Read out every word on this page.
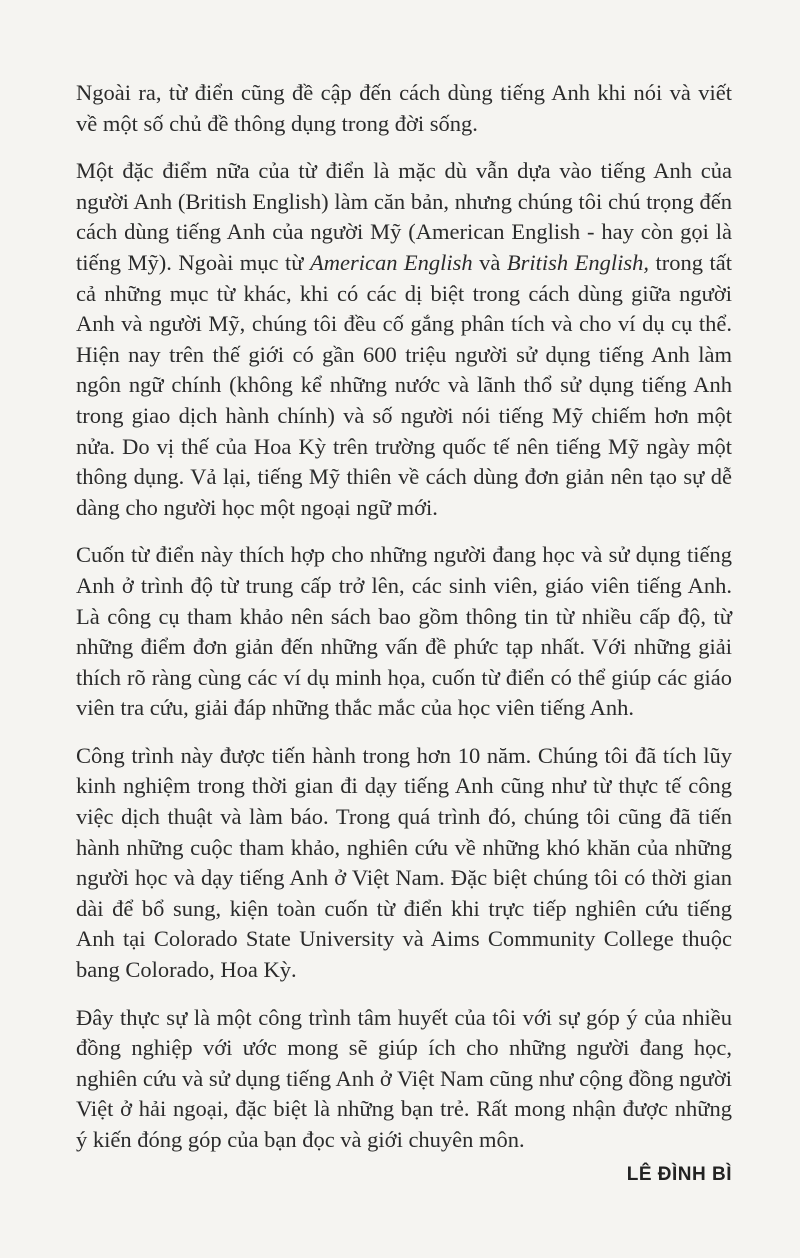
Ngoài ra, từ điển cũng đề cập đến cách dùng tiếng Anh khi nói và viết về một số chủ đề thông dụng trong đời sống.

Một đặc điểm nữa của từ điển là mặc dù vẫn dựa vào tiếng Anh của người Anh (British English) làm căn bản, nhưng chúng tôi chú trọng đến cách dùng tiếng Anh của người Mỹ (American English - hay còn gọi là tiếng Mỹ). Ngoài mục từ American English và British English, trong tất cả những mục từ khác, khi có các dị biệt trong cách dùng giữa người Anh và người Mỹ, chúng tôi đều cố gắng phân tích và cho ví dụ cụ thể. Hiện nay trên thế giới có gần 600 triệu người sử dụng tiếng Anh làm ngôn ngữ chính (không kể những nước và lãnh thổ sử dụng tiếng Anh trong giao dịch hành chính) và số người nói tiếng Mỹ chiếm hơn một nửa. Do vị thế của Hoa Kỳ trên trường quốc tế nên tiếng Mỹ ngày một thông dụng. Vả lại, tiếng Mỹ thiên về cách dùng đơn giản nên tạo sự dễ dàng cho người học một ngoại ngữ mới.

Cuốn từ điển này thích hợp cho những người đang học và sử dụng tiếng Anh ở trình độ từ trung cấp trở lên, các sinh viên, giáo viên tiếng Anh. Là công cụ tham khảo nên sách bao gồm thông tin từ nhiều cấp độ, từ những điểm đơn giản đến những vấn đề phức tạp nhất. Với những giải thích rõ ràng cùng các ví dụ minh họa, cuốn từ điển có thể giúp các giáo viên tra cứu, giải đáp những thắc mắc của học viên tiếng Anh.

Công trình này được tiến hành trong hơn 10 năm. Chúng tôi đã tích lũy kinh nghiệm trong thời gian đi dạy tiếng Anh cũng như từ thực tế công việc dịch thuật và làm báo. Trong quá trình đó, chúng tôi cũng đã tiến hành những cuộc tham khảo, nghiên cứu về những khó khăn của những người học và dạy tiếng Anh ở Việt Nam. Đặc biệt chúng tôi có thời gian dài để bổ sung, kiện toàn cuốn từ điển khi trực tiếp nghiên cứu tiếng Anh tại Colorado State University và Aims Community College thuộc bang Colorado, Hoa Kỳ.

Đây thực sự là một công trình tâm huyết của tôi với sự góp ý của nhiều đồng nghiệp với ước mong sẽ giúp ích cho những người đang học, nghiên cứu và sử dụng tiếng Anh ở Việt Nam cũng như cộng đồng người Việt ở hải ngoại, đặc biệt là những bạn trẻ. Rất mong nhận được những ý kiến đóng góp của bạn đọc và giới chuyên môn.

LÊ ĐÌNH BÌ
